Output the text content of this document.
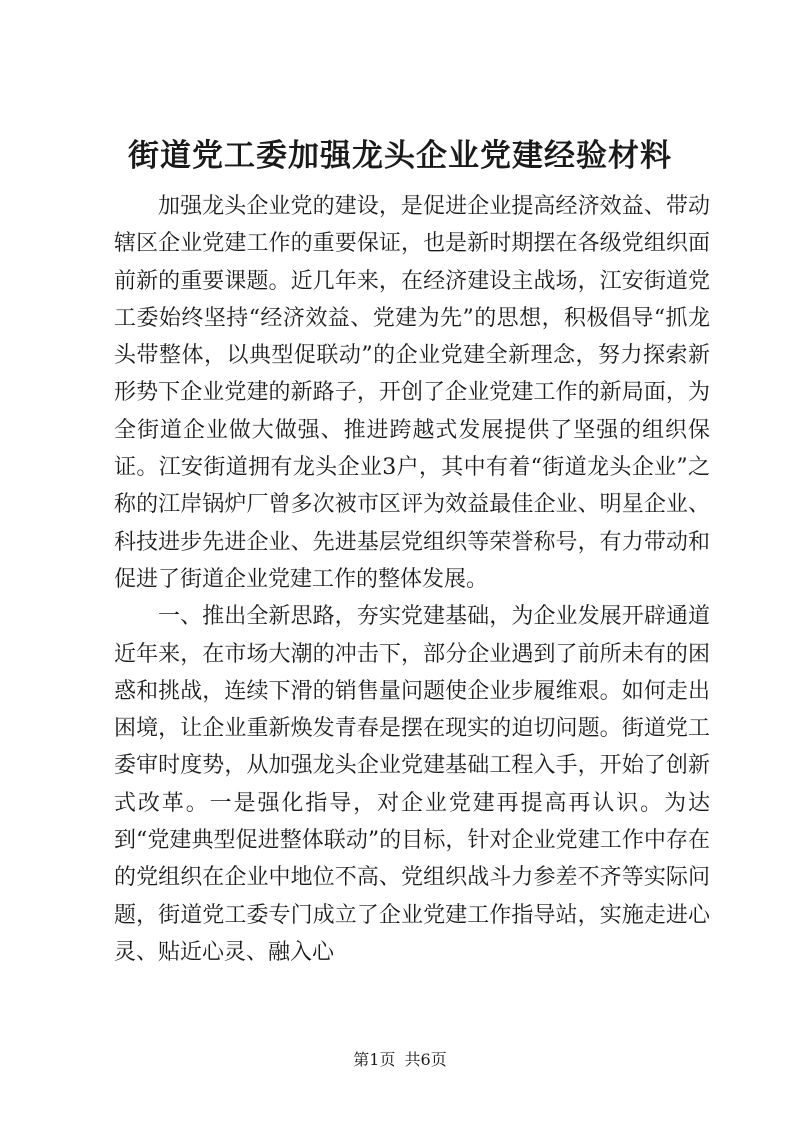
街道党工委加强龙头企业党建经验材料

加强龙头企业党的建设，是促进企业提高经济效益、带动辖区企业党建工作的重要保证，也是新时期摆在各级党组织面前新的重要课题。近几年来，在经济建设主战场，江安街道党工委始终坚持“经济效益、党建为先”的思想，积极倡导“抓龙头带整体，以典型促联动”的企业党建全新理念，努力探索新形势下企业党建的新路子，开创了企业党建工作的新局面，为全街道企业做大做强、推进跨越式发展提供了坚强的组织保证。江安街道拥有龙头企业3户，其中有着“街道龙头企业”之称的江岸锅炉厂曾多次被市区评为效益最佳企业、明星企业、科技进步先进企业、先进基层党组织等荣誉称号，有力带动和促进了街道企业党建工作的整体发展。

一、推出全新思路，夯实党建基础，为企业发展开辟通道近年来，在市场大潮的冲击下，部分企业遇到了前所未有的困惑和挑战，连续下滑的销售量问题使企业步履维艰。如何走出困境，让企业重新焕发青春是摆在现实的迫切问题。街道党工委审时度势，从加强龙头企业党建基础工程入手，开始了创新式改革。一是强化指导，对企业党建再提高再认识。为达到“党建典型促进整体联动”的目标，针对企业党建工作中存在的党组织在企业中地位不高、党组织战斗力参差不齐等实际问题，街道党工委专门成立了企业党建工作指导站，实施走进心灵、贴近心灵、融入心

第1页 共6页
